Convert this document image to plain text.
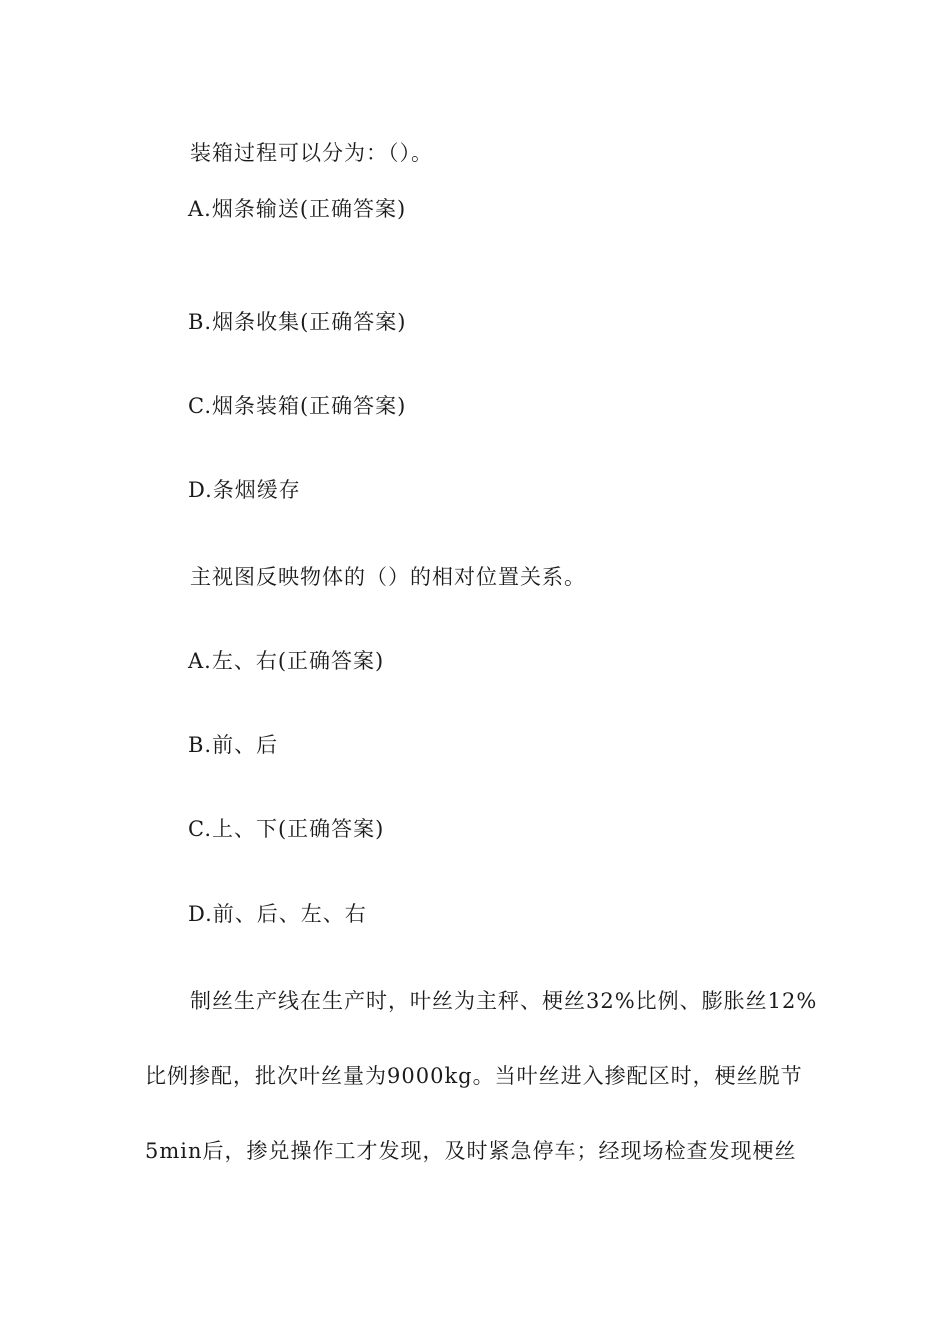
装箱过程可以分为：（）。
A.烟条输送(正确答案)
B.烟条收集(正确答案)
C.烟条装箱(正确答案)
D.条烟缓存
主视图反映物体的（）的相对位置关系。
A.左、右(正确答案)
B.前、后
C.上、下(正确答案)
D.前、后、左、右
制丝生产线在生产时，叶丝为主秤、梗丝32%比例、膨胀丝12%
比例掺配，批次叶丝量为9000kg。当叶丝进入掺配区时，梗丝脱节
5min后，掺兑操作工才发现，及时紧急停车；经现场检查发现梗丝
